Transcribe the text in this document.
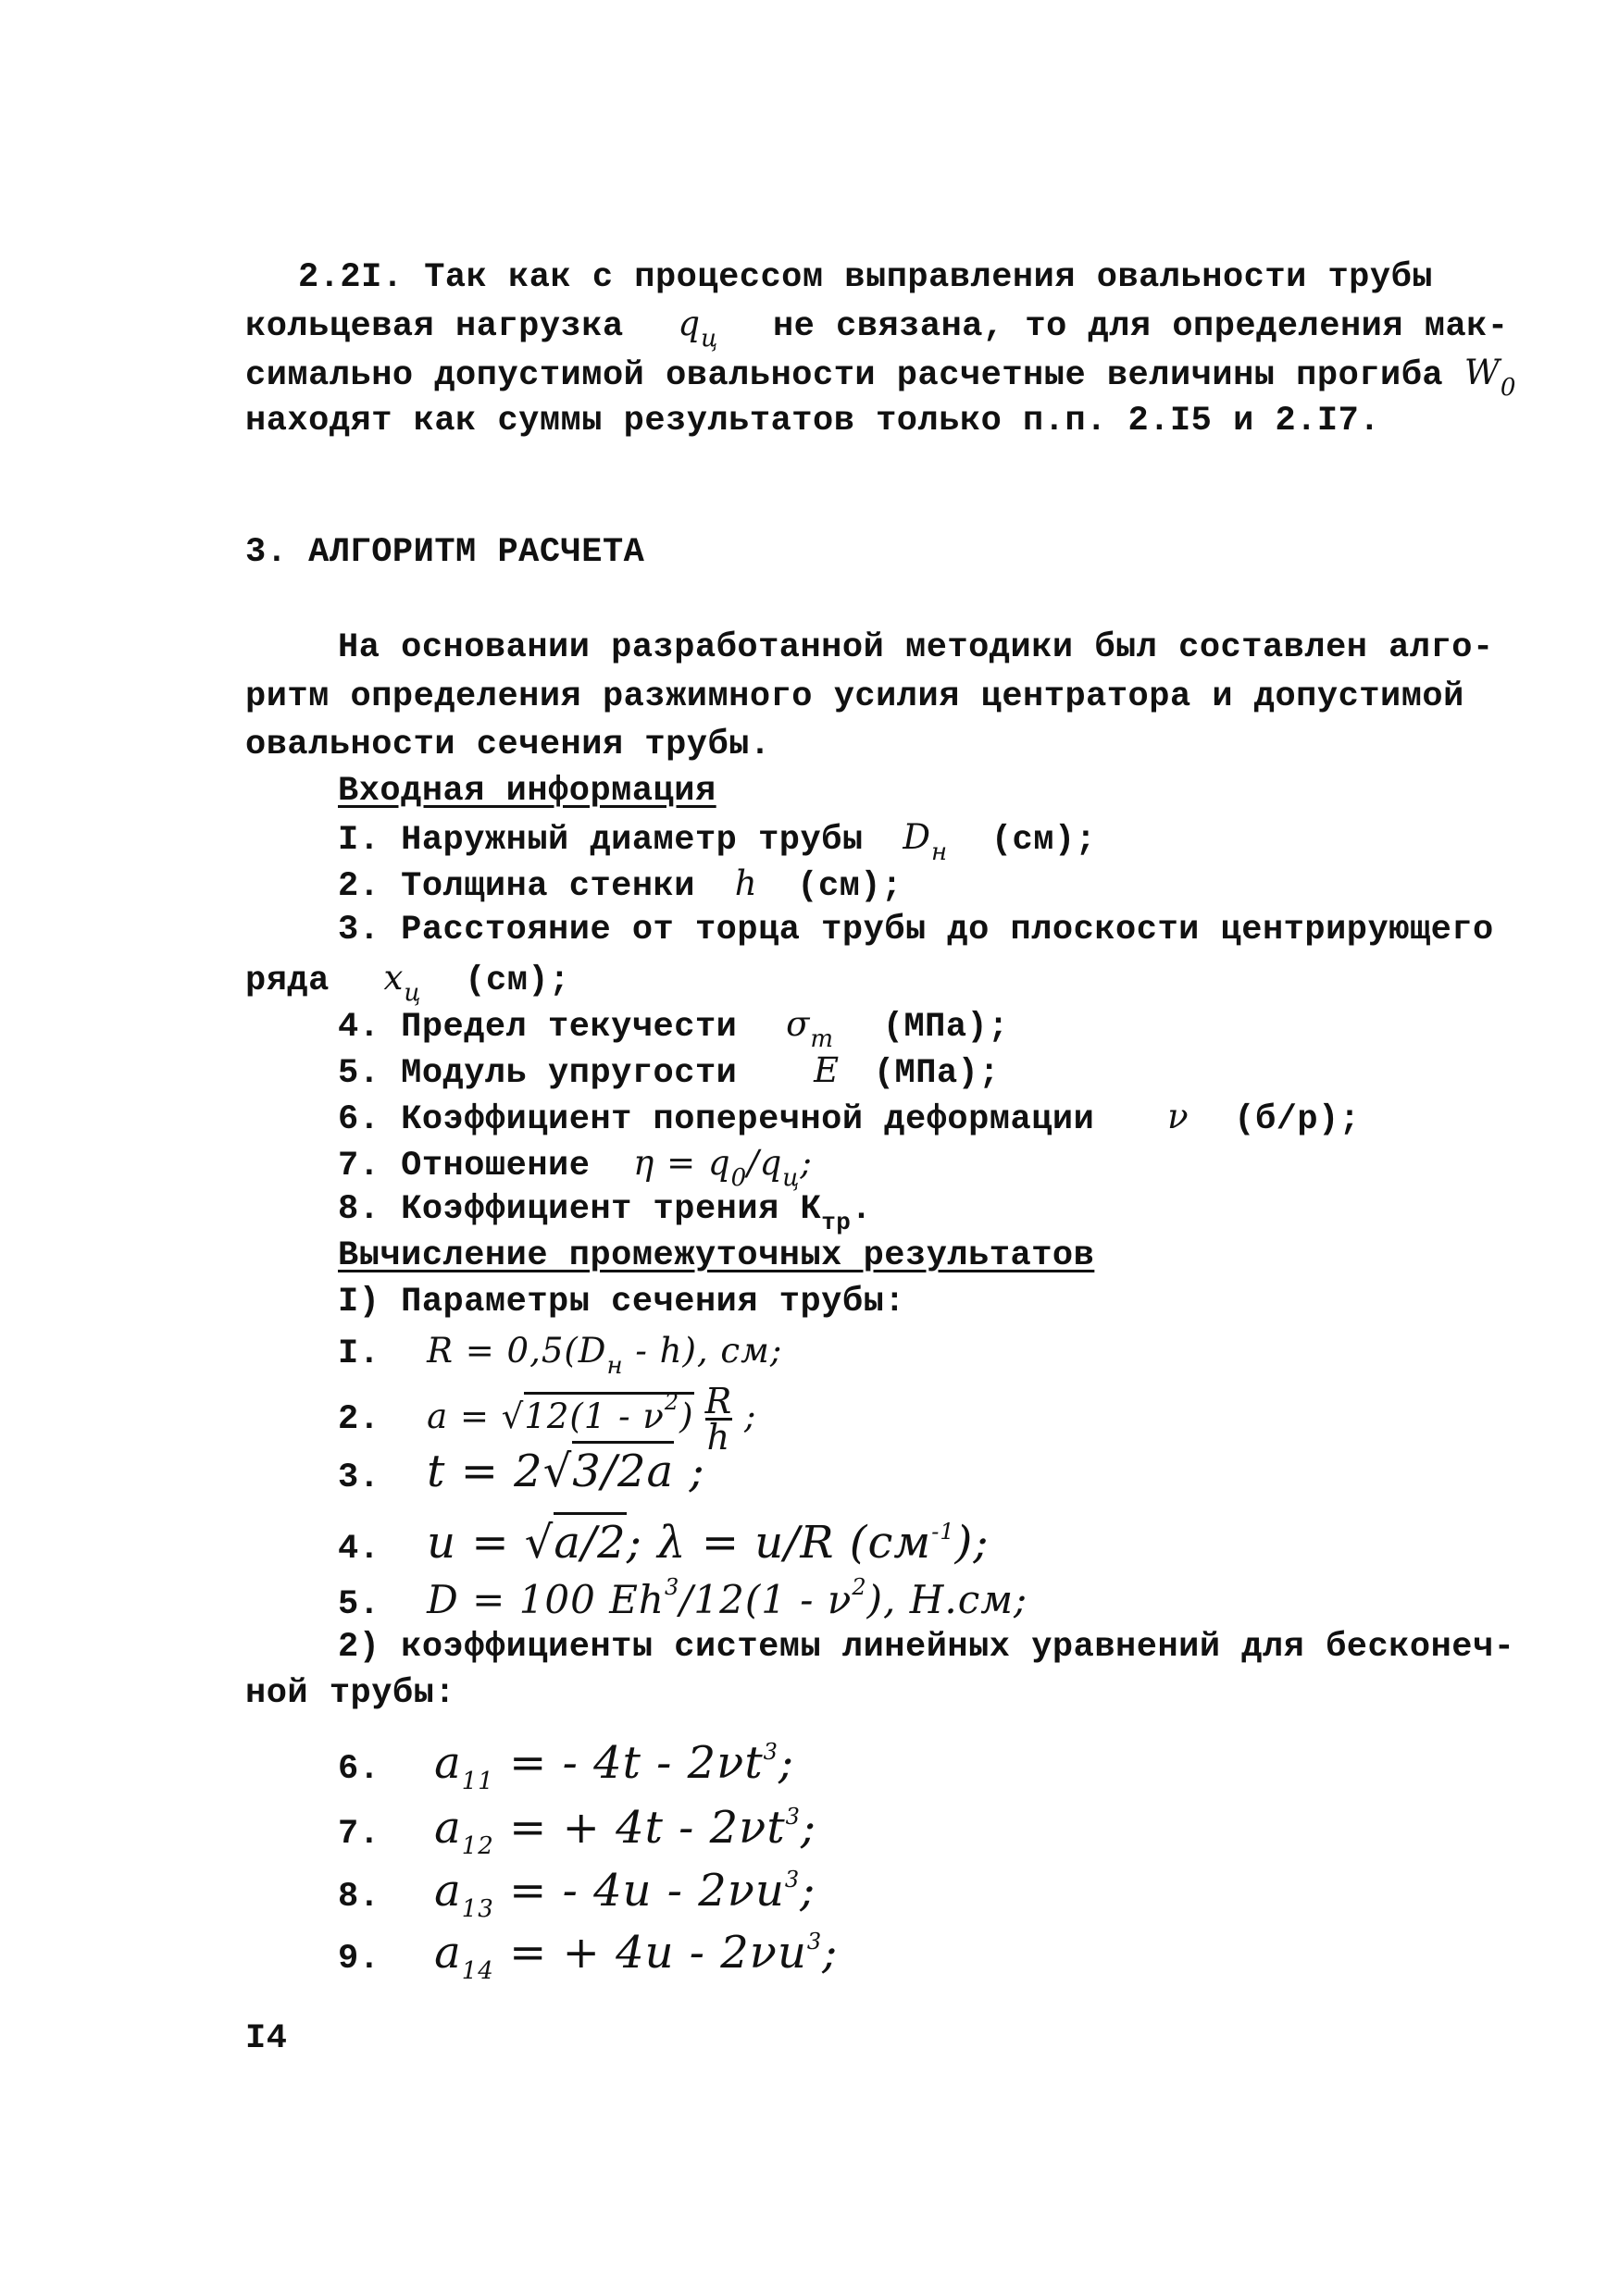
2.2I. Так как с процессом выправления овальности трубы
кольцевая нагрузка $q_ц$ не связана, то для определения мак-
симально допустимой овальности расчетные величины прогиба $W_0$
находят как суммы результатов только п.п. 2.I5 и 2.I7.
3. АЛГОРИТМ РАСЧЕТА
На основании разработанной методики был составлен алго-
ритм определения разжимного усилия центратора и допустимой
овальности сечения трубы.
Входная информация
I. Наружный диаметр трубы $D_н$ (см);
2. Толщина стенки h (см);
3. Расстояние от торца трубы до плоскости центрирующего
ряда $x_ц$ (см);
4. Предел текучести $\sigma_т$ (МПа);
5. Модуль упругости E (МПа);
6. Коэффициент поперечной деформации ν (б/р);
7. Отношение $\eta = q_0/q_ц$;
8. Коэффициент трения $К_{тр}$.
Вычисление промежуточных результатов
I) Параметры сечения трубы:
I. $R = 0,5(D_н - h)$, см;
2. $a = √12(1 - \nu^2) \frac{R}{h}$ ;
3. t = 2√3/2a ;
4. u = √a/2; λ = u/R $(см^{-1})$;
5. D = 100 $Eh^3/12(1 - \nu^2)$, Н.см;
2) коэффициенты системы линейных уравнений для бесконеч-
ной трубы:
6. $a_{11}$ = - $4t - 2\nu t^3$;
7. $a_{12}$ = + $4t - 2\nu t^3$;
8. $a_{13}$ = - $4u - 2\nu u^3$;
9. $a_{14}$ = + $4u - 2\nu u^3$;
I4
